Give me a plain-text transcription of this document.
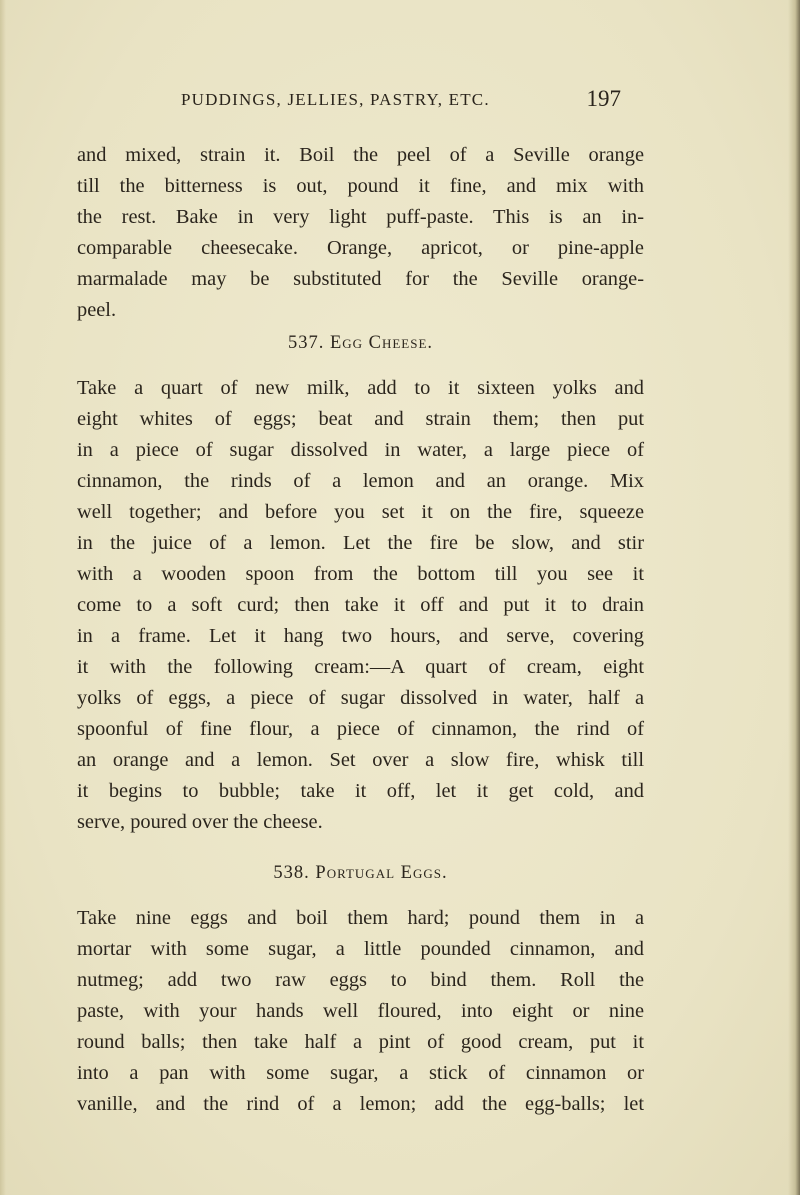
PUDDINGS, JELLIES, PASTRY, ETC.	197

and mixed, strain it. Boil the peel of a Seville orange
till the bitterness is out, pound it fine, and mix with
the rest. Bake in very light puff-paste. This is an in-
comparable cheesecake. Orange, apricot, or pine-apple
marmalade may be substituted for the Seville orange-
peel.

537. Egg Cheese.

Take a quart of new milk, add to it sixteen yolks and
eight whites of eggs; beat and strain them; then put
in a piece of sugar dissolved in water, a large piece of
cinnamon, the rinds of a lemon and an orange. Mix
well together; and before you set it on the fire, squeeze
in the juice of a lemon. Let the fire be slow, and stir
with a wooden spoon from the bottom till you see it
come to a soft curd; then take it off and put it to drain
in a frame. Let it hang two hours, and serve, covering
it with the following cream:—A quart of cream, eight
yolks of eggs, a piece of sugar dissolved in water, half a
spoonful of fine flour, a piece of cinnamon, the rind of
an orange and a lemon. Set over a slow fire, whisk till
it begins to bubble; take it off, let it get cold, and
serve, poured over the cheese.

538. Portugal Eggs.

Take nine eggs and boil them hard; pound them in a
mortar with some sugar, a little pounded cinnamon, and
nutmeg; add two raw eggs to bind them. Roll the
paste, with your hands well floured, into eight or nine
round balls; then take half a pint of good cream, put it
into a pan with some sugar, a stick of cinnamon or
vanille, and the rind of a lemon; add the egg-balls; let
